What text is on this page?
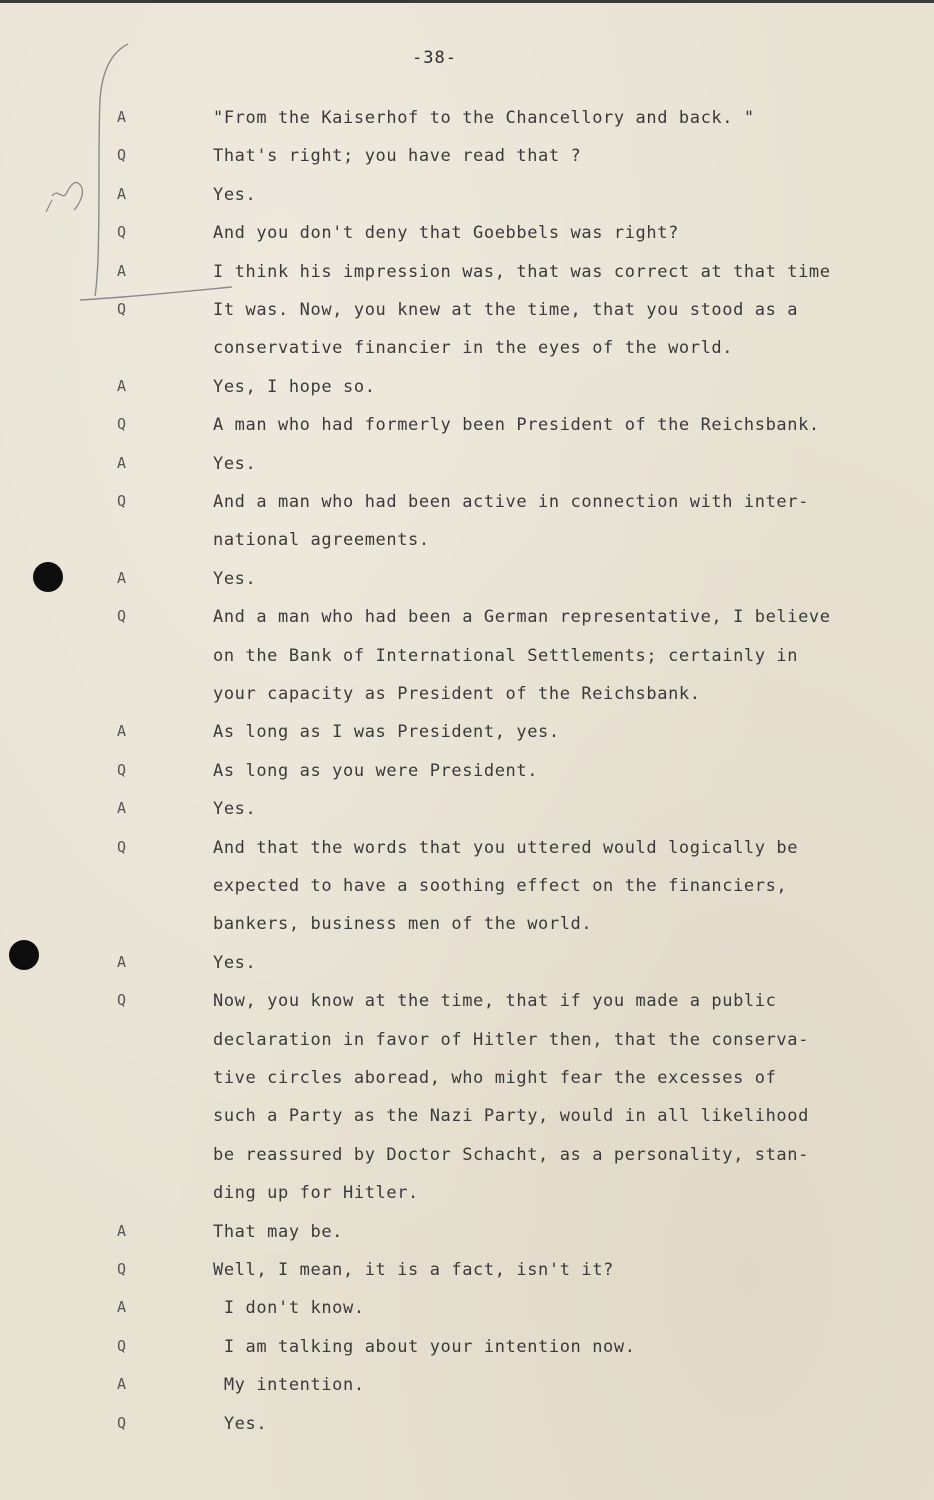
-38-
A	"From the Kaiserhof to the Chancellory and back. "
Q	That's right; you have read that ?
A	Yes.
Q	And you don't deny that Goebbels was right?
A	I think his impression was, that was correct at that time
Q	It was. Now, you knew at the time, that you stood as a
conservative financier in the eyes of the world.
A	Yes, I hope so.
Q	A man who had formerly been President of the Reichsbank.
A	Yes.
Q	And a man who had been active in connection with inter-
national agreements.
A	Yes.
Q	And a man who had been a German representative, I believe
on the Bank of International Settlements; certainly in
your capacity as President of the Reichsbank.
A	As long as I was President, yes.
Q	As long as you were President.
A	Yes.
Q	And that the words that you uttered would logically be
expected to have a soothing effect on the financiers,
bankers, business men of the world.
A	Yes.
Q	Now, you know at the time, that if you made a public
declaration in favor of Hitler then, that the conserva-
tive circles aboread, who might fear the excesses of
such a Party as the Nazi Party, would in all likelihood
be reassured by Doctor Schacht, as a personality, stan-
ding up for Hitler.
A	That may be.
Q	Well, I mean, it is a fact, isn't it?
A	I don't know.
Q	I am talking about your intention now.
A	My intention.
Q	Yes.
